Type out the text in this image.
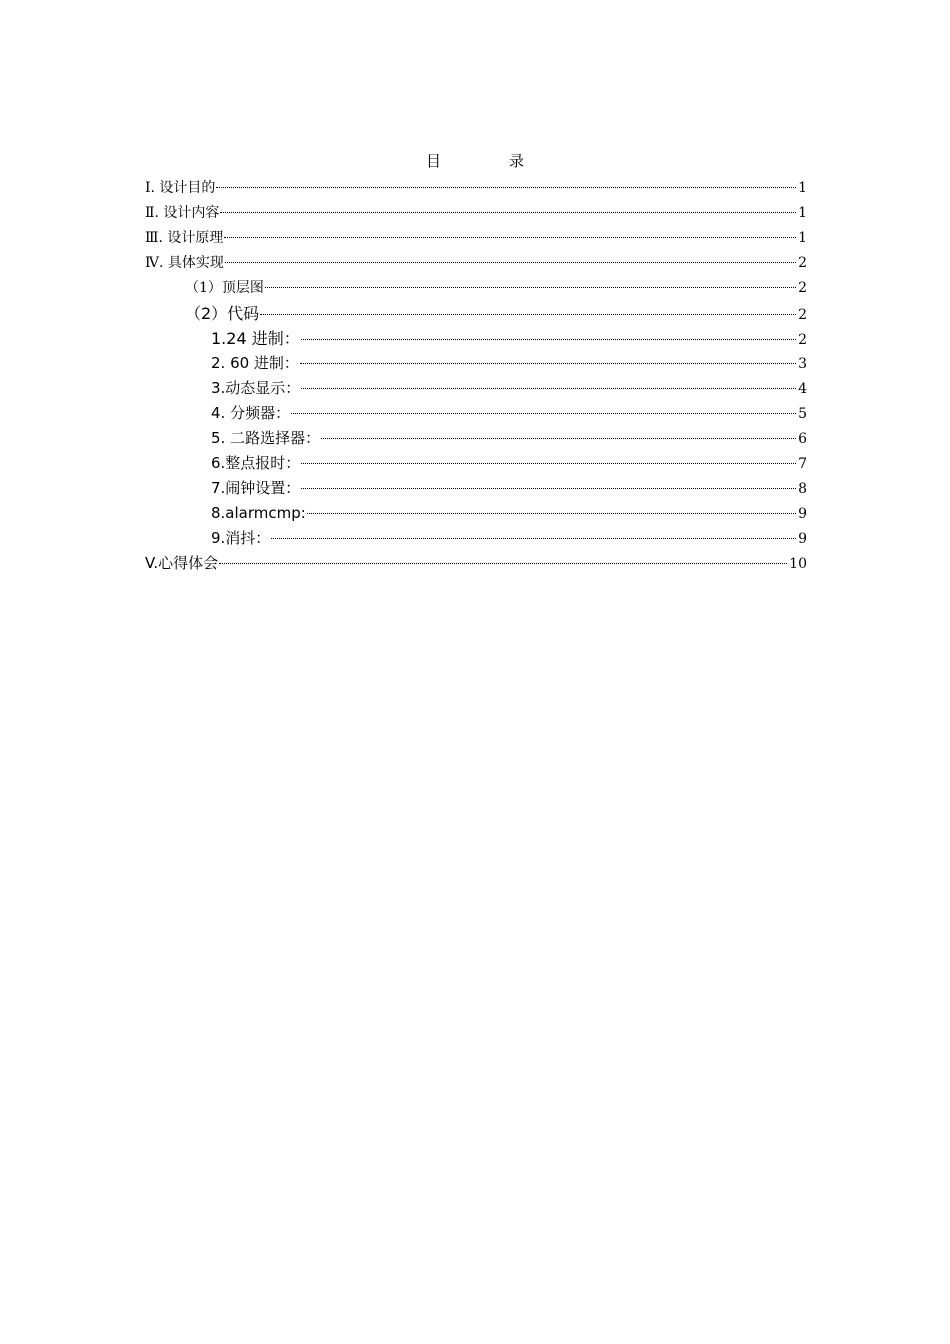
目	录
Ⅰ. 设计目的	1
Ⅱ. 设计内容	1
Ⅲ. 设计原理	1
Ⅳ. 具体实现	2
（1）顶层图	2
（2）代码	2
1.24 进制：	2
2. 60 进制：	3
3.动态显示：	4
4. 分频器：	5
5. 二路选择器：	6
6.整点报时：	7
7.闹钟设置：	8
8.alarmcmp:	9
9.消抖：	9
V.心得体会	10
